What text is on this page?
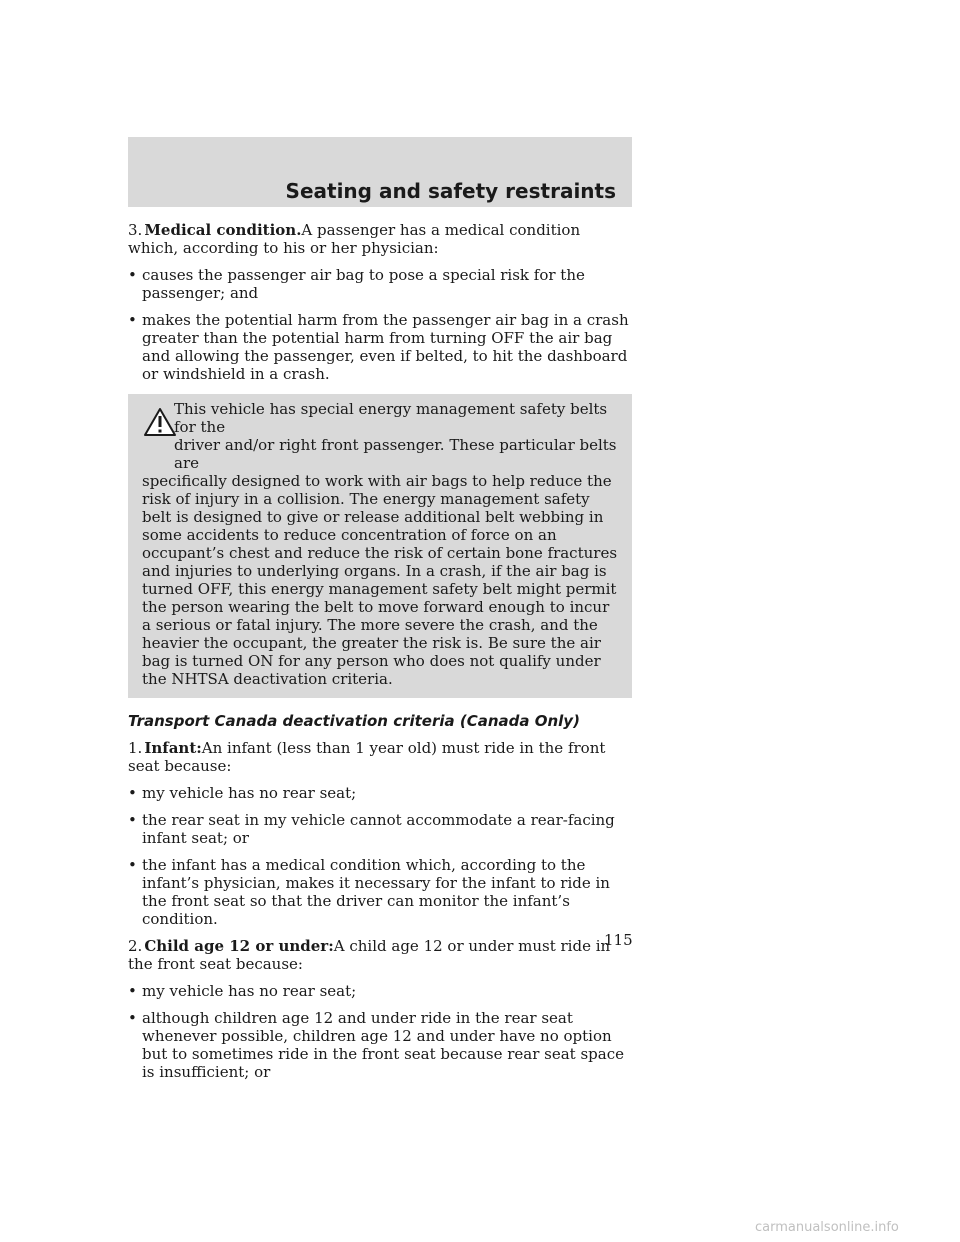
Seating and safety restraints

3. Medical condition.A passenger has a medical condition which, according to his or her physician:

• causes the passenger air bag to pose a special risk for the passenger; and
• makes the potential harm from the passenger air bag in a crash greater than the potential harm from turning OFF the air bag and allowing the passenger, even if belted, to hit the dashboard or windshield in a crash.
This vehicle has special energy management safety belts for the
driver and/or right front passenger. These particular belts are
specifically designed to work with air bags to help reduce the risk of injury in a collision. The energy management safety belt is designed to give or release additional belt webbing in some accidents to reduce concentration of force on an occupant’s chest and reduce the risk of certain bone fractures and injuries to underlying organs. In a crash, if the air bag is turned OFF, this energy management safety belt might permit the person wearing the belt to move forward enough to incur a serious or fatal injury. The more severe the crash, and the heavier the occupant, the greater the risk is. Be sure the air bag is turned ON for any person who does not qualify under the NHTSA deactivation criteria.
Transport Canada deactivation criteria (Canada Only)

1. Infant:An infant (less than 1 year old) must ride in the front seat because:

• my vehicle has no rear seat;
• the rear seat in my vehicle cannot accommodate a rear-facing infant seat; or
• the infant has a medical condition which, according to the infant’s physician, makes it necessary for the infant to ride in the front seat so that the driver can monitor the infant’s condition.

2. Child age 12 or under:A child age 12 or under must ride in the front seat because:

• my vehicle has no rear seat;
• although children age 12 and under ride in the rear seat whenever possible, children age 12 and under have no option but to sometimes ride in the front seat because rear seat space is insufficient; or
115
carmanualsonline.info
